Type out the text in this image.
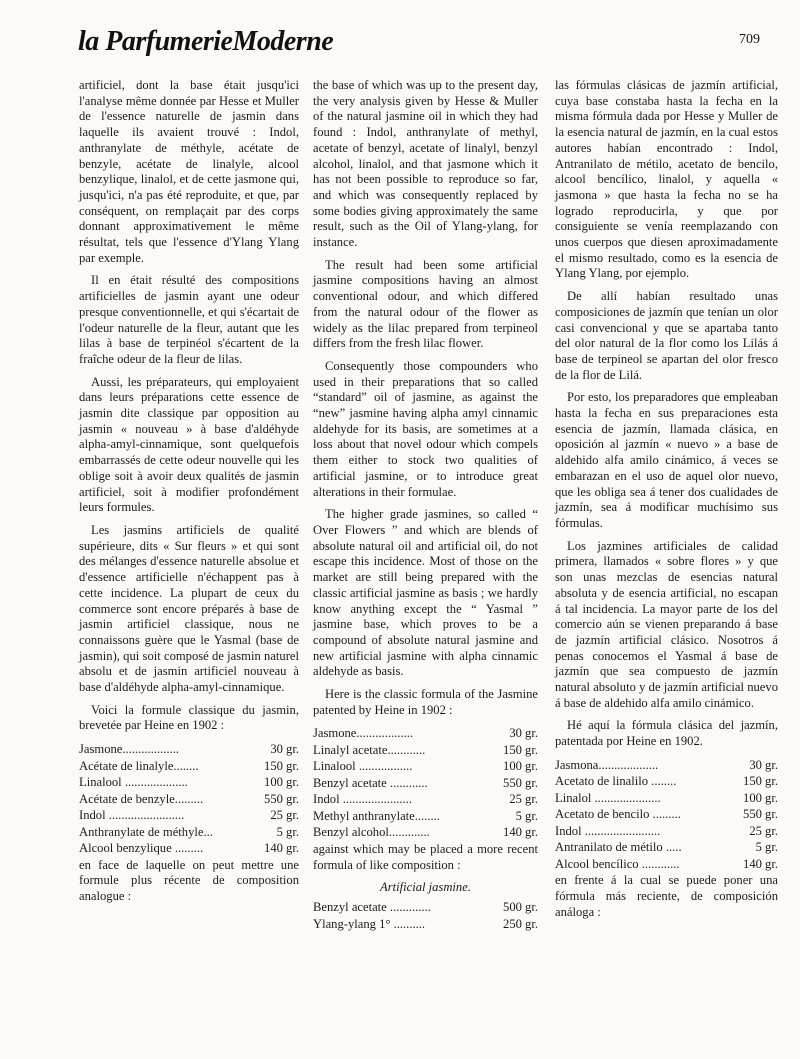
la ParfumerieModerne	709

artificiel, dont la base était jusqu'ici l'analyse même donnée par Hesse et Muller de l'essence naturelle de jasmin dans laquelle ils avaient trouvé : Indol, anthranylate de méthyle, acétate de benzyle, acétate de linalyle, alcool benzylique, linalol, et de cette jasmone qui, jusqu'ici, n'a pas été reproduite, et que, par conséquent, on remplaçait par des corps donnant approximativement le même résultat, tels que l'essence d'Ylang Ylang par exemple.

Il en était résulté des compositions artificielles de jasmin ayant une odeur presque conventionnelle, et qui s'écartait de l'odeur naturelle de la fleur, autant que les lilas à base de terpinéol s'écartent de la fraîche odeur de la fleur de lilas.

Aussi, les préparateurs, qui employaient dans leurs préparations cette essence de jasmin dite classique par opposition au jasmin « nouveau » à base d'aldéhyde alpha-amyl-cinnamique, sont quelquefois embarrassés de cette odeur nouvelle qui les oblige soit à avoir deux qualités de jasmin artificiel, soit à modifier profondément leurs formules.

Les jasmins artificiels de qualité supérieure, dits « Sur fleurs » et qui sont des mélanges d'essence naturelle absolue et d'essence artificielle n'échappent pas à cette incidence. La plupart de ceux du commerce sont encore préparés à base de jasmin artificiel classique, nous ne connaissons guère que le Yasmal (base de jasmin), qui soit composé de jasmin naturel absolu et de jasmin artificiel nouveau à base d'aldéhyde alpha-amyl-cinnamique.

Voici la formule classique du jasmin, brevetée par Heine en 1902 :

Jasmone..................	30 gr.
Acétate de linalyle........	150 gr.
Linalool ....................	100 gr.
Acétate de benzyle.........	550 gr.
Indol ........................	25 gr.
Anthranylate de méthyle...	5 gr.
Alcool benzylique .........	140 gr.

en face de laquelle on peut mettre une formule plus récente de composition analogue :

the base of which was up to the present day, the very analysis given by Hesse & Muller of the natural jasmine oil in which they had found : Indol, anthranylate of methyl, acetate of benzyl, acetate of linalyl, benzyl alcohol, linalol, and that jasmone which it has not been possible to reproduce so far, and which was consequently replaced by some bodies giving approximately the same result, such as the Oil of Ylang-ylang, for instance.

The result had been some artificial jasmine compositions having an almost conventional odour, and which differed from the natural odour of the flower as widely as the lilac prepared from terpineol differs from the fresh lilac flower.

Consequently those compounders who used in their preparations that so called “standard” oil of jasmine, as against the “new” jasmine having alpha amyl cinnamic aldehyde for its basis, are sometimes at a loss about that novel odour which compels them either to stock two qualities of artificial jasmine, or to introduce great alterations in their formulae.

The higher grade jasmines, so called “ Over Flowers ” and which are blends of absolute natural oil and artificial oil, do not escape this incidence. Most of those on the market are still being prepared with the classic artificial jasmine as basis ; we hardly know anything except the “ Yasmal ” jasmine base, which proves to be a compound of absolute natural jasmine and new artificial jasmine with alpha cinnamic aldehyde as basis.

Here is the classic formula of the Jasmine patented by Heine in 1902 :

Jasmone..................	30 gr.
Linalyl acetate............	150 gr.
Linalool .................	100 gr.
Benzyl acetate ............	550 gr.
Indol ......................	25 gr.
Methyl anthranylate........	5 gr.
Benzyl alcohol.............	140 gr.

against which may be placed a more recent formula of like composition :

Artificial jasmine.
Benzyl acetate .............	500 gr.
Ylang-ylang 1° ..........	250 gr.

las fórmulas clásicas de jazmín artificial, cuya base constaba hasta la fecha en la misma fórmula dada por Hesse y Muller de la esencia natural de jazmín, en la cual estos autores habían encontrado : Indol, Antranilato de métilo, acetato de bencilo, alcool bencílico, linalol, y aquella « jasmona » que hasta la fecha no se ha logrado reproducirla, y que por consiguiente se venía reemplazando con unos cuerpos que diesen aproximadamente el mismo resultado, como es la esencia de Ylang Ylang, por ejemplo.

De allí habían resultado unas composiciones de jazmín que tenían un olor casi convencional y que se apartaba tanto del olor natural de la flor como los Lilás á base de terpineol se apartan del olor fresco de la flor de Lilá.

Por esto, los preparadores que empleaban hasta la fecha en sus preparaciones esta esencia de jazmín, llamada clásica, en oposición al jazmín « nuevo » a base de aldehido alfa amilo cinámico, á veces se embarazan en el uso de aquel olor nuevo, que les obliga sea á tener dos cualidades de jazmín, sea á modificar muchísimo sus fórmulas.

Los jazmines artificiales de calidad primera, llamados « sobre flores » y que son unas mezclas de esencias natural absoluta y de esencia artificial, no escapan á tal incidencia. La mayor parte de los del comercio aún se vienen preparando á base de jazmín artificial clásico. Nosotros á penas conocemos el Yasmal á base de jazmín que sea compuesto de jazmín natural absoluto y de jazmín artificial nuevo á base de aldehido alfa amilo cinámico.

Hé aquí la fórmula clásica del jazmín, patentada por Heine en 1902.

Jasmona...................	30 gr.
Acetato de linalilo ........	150 gr.
Linalol .....................	100 gr.
Acetato de bencilo .........	550 gr.
Indol ........................	25 gr.
Antranilato de métilo .....	5 gr.
Alcool bencílico ............	140 gr.

en frente á la cual se puede poner una fórmula más reciente, de composición análoga :
